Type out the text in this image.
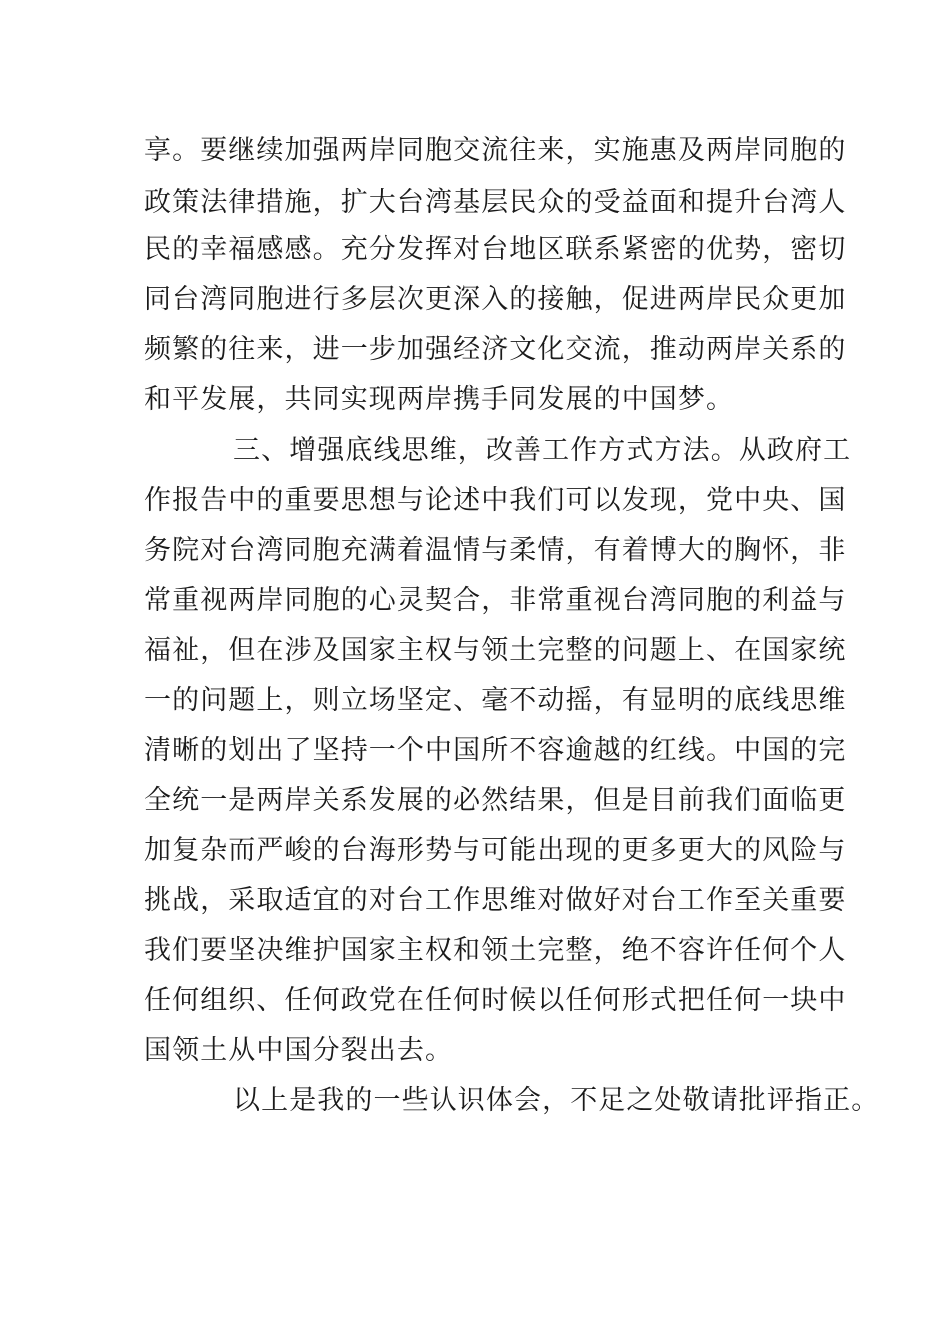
享。要继续加强两岸同胞交流往来，实施惠及两岸同胞的
政策法律措施，扩大台湾基层民众的受益面和提升台湾人
民的幸福感感。充分发挥对台地区联系紧密的优势，密切
同台湾同胞进行多层次更深入的接触，促进两岸民众更加
频繁的往来，进一步加强经济文化交流，推动两岸关系的
和平发展，共同实现两岸携手同发展的中国梦。
三、增强底线思维，改善工作方式方法。从政府工
作报告中的重要思想与论述中我们可以发现，党中央、国
务院对台湾同胞充满着温情与柔情，有着博大的胸怀，非
常重视两岸同胞的心灵契合，非常重视台湾同胞的利益与
福祉，但在涉及国家主权与领土完整的问题上、在国家统
一的问题上，则立场坚定、毫不动摇，有显明的底线思维
清晰的划出了坚持一个中国所不容逾越的红线。中国的完
全统一是两岸关系发展的必然结果，但是目前我们面临更
加复杂而严峻的台海形势与可能出现的更多更大的风险与
挑战，采取适宜的对台工作思维对做好对台工作至关重要
我们要坚决维护国家主权和领土完整，绝不容许任何个人
任何组织、任何政党在任何时候以任何形式把任何一块中
国领土从中国分裂出去。
以上是我的一些认识体会，不足之处敬请批评指正。
